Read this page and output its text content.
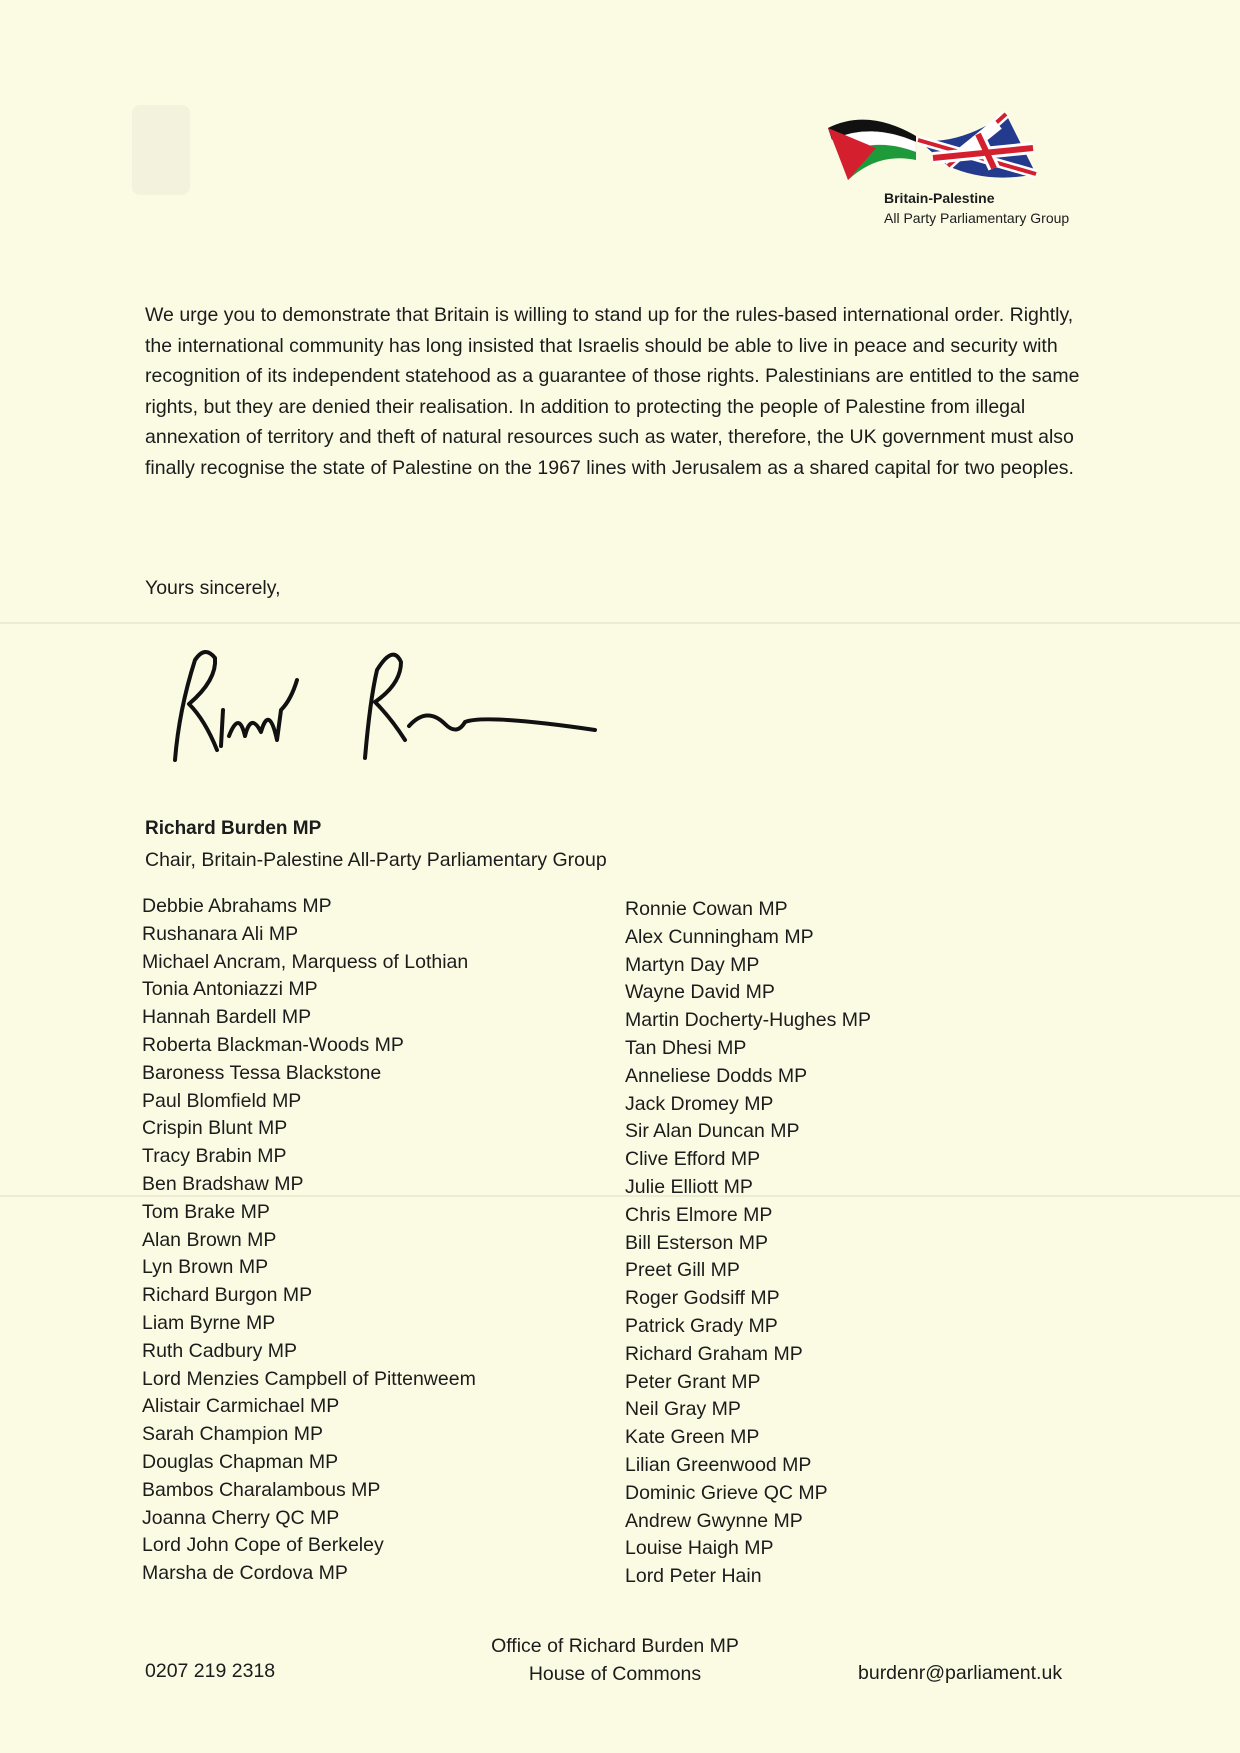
Britain-Palestine
All Party Parliamentary Group

We urge you to demonstrate that Britain is willing to stand up for the rules-based international order. Rightly, the international community has long insisted that Israelis should be able to live in peace and security with recognition of its independent statehood as a guarantee of those rights. Palestinians are entitled to the same rights, but they are denied their realisation. In addition to protecting the people of Palestine from illegal annexation of territory and theft of natural resources such as water, therefore, the UK government must also finally recognise the state of Palestine on the 1967 lines with Jerusalem as a shared capital for two peoples.

Yours sincerely,
Richard Burden MP
Chair, Britain-Palestine All-Party Parliamentary Group
Debbie Abrahams MP
Rushanara Ali MP
Michael Ancram, Marquess of Lothian
Tonia Antoniazzi MP
Hannah Bardell MP
Roberta Blackman-Woods MP
Baroness Tessa Blackstone
Paul Blomfield MP
Crispin Blunt MP
Tracy Brabin MP
Ben Bradshaw MP
Tom Brake MP
Alan Brown MP
Lyn Brown MP
Richard Burgon MP
Liam Byrne MP
Ruth Cadbury MP
Lord Menzies Campbell of Pittenweem
Alistair Carmichael MP
Sarah Champion MP
Douglas Chapman MP
Bambos Charalambous MP
Joanna Cherry QC MP
Lord John Cope of Berkeley
Marsha de Cordova MP
Ronnie Cowan MP
Alex Cunningham MP
Martyn Day MP
Wayne David MP
Martin Docherty-Hughes MP
Tan Dhesi MP
Anneliese Dodds MP
Jack Dromey MP
Sir Alan Duncan MP
Clive Efford MP
Julie Elliott MP
Chris Elmore MP
Bill Esterson MP
Preet Gill MP
Roger Godsiff MP
Patrick Grady MP
Richard Graham MP
Peter Grant MP
Neil Gray MP
Kate Green MP
Lilian Greenwood MP
Dominic Grieve QC MP
Andrew Gwynne MP
Louise Haigh MP
Lord Peter Hain
0207 219 2318
Office of Richard Burden MP
House of Commons	burdenr@parliament.uk
